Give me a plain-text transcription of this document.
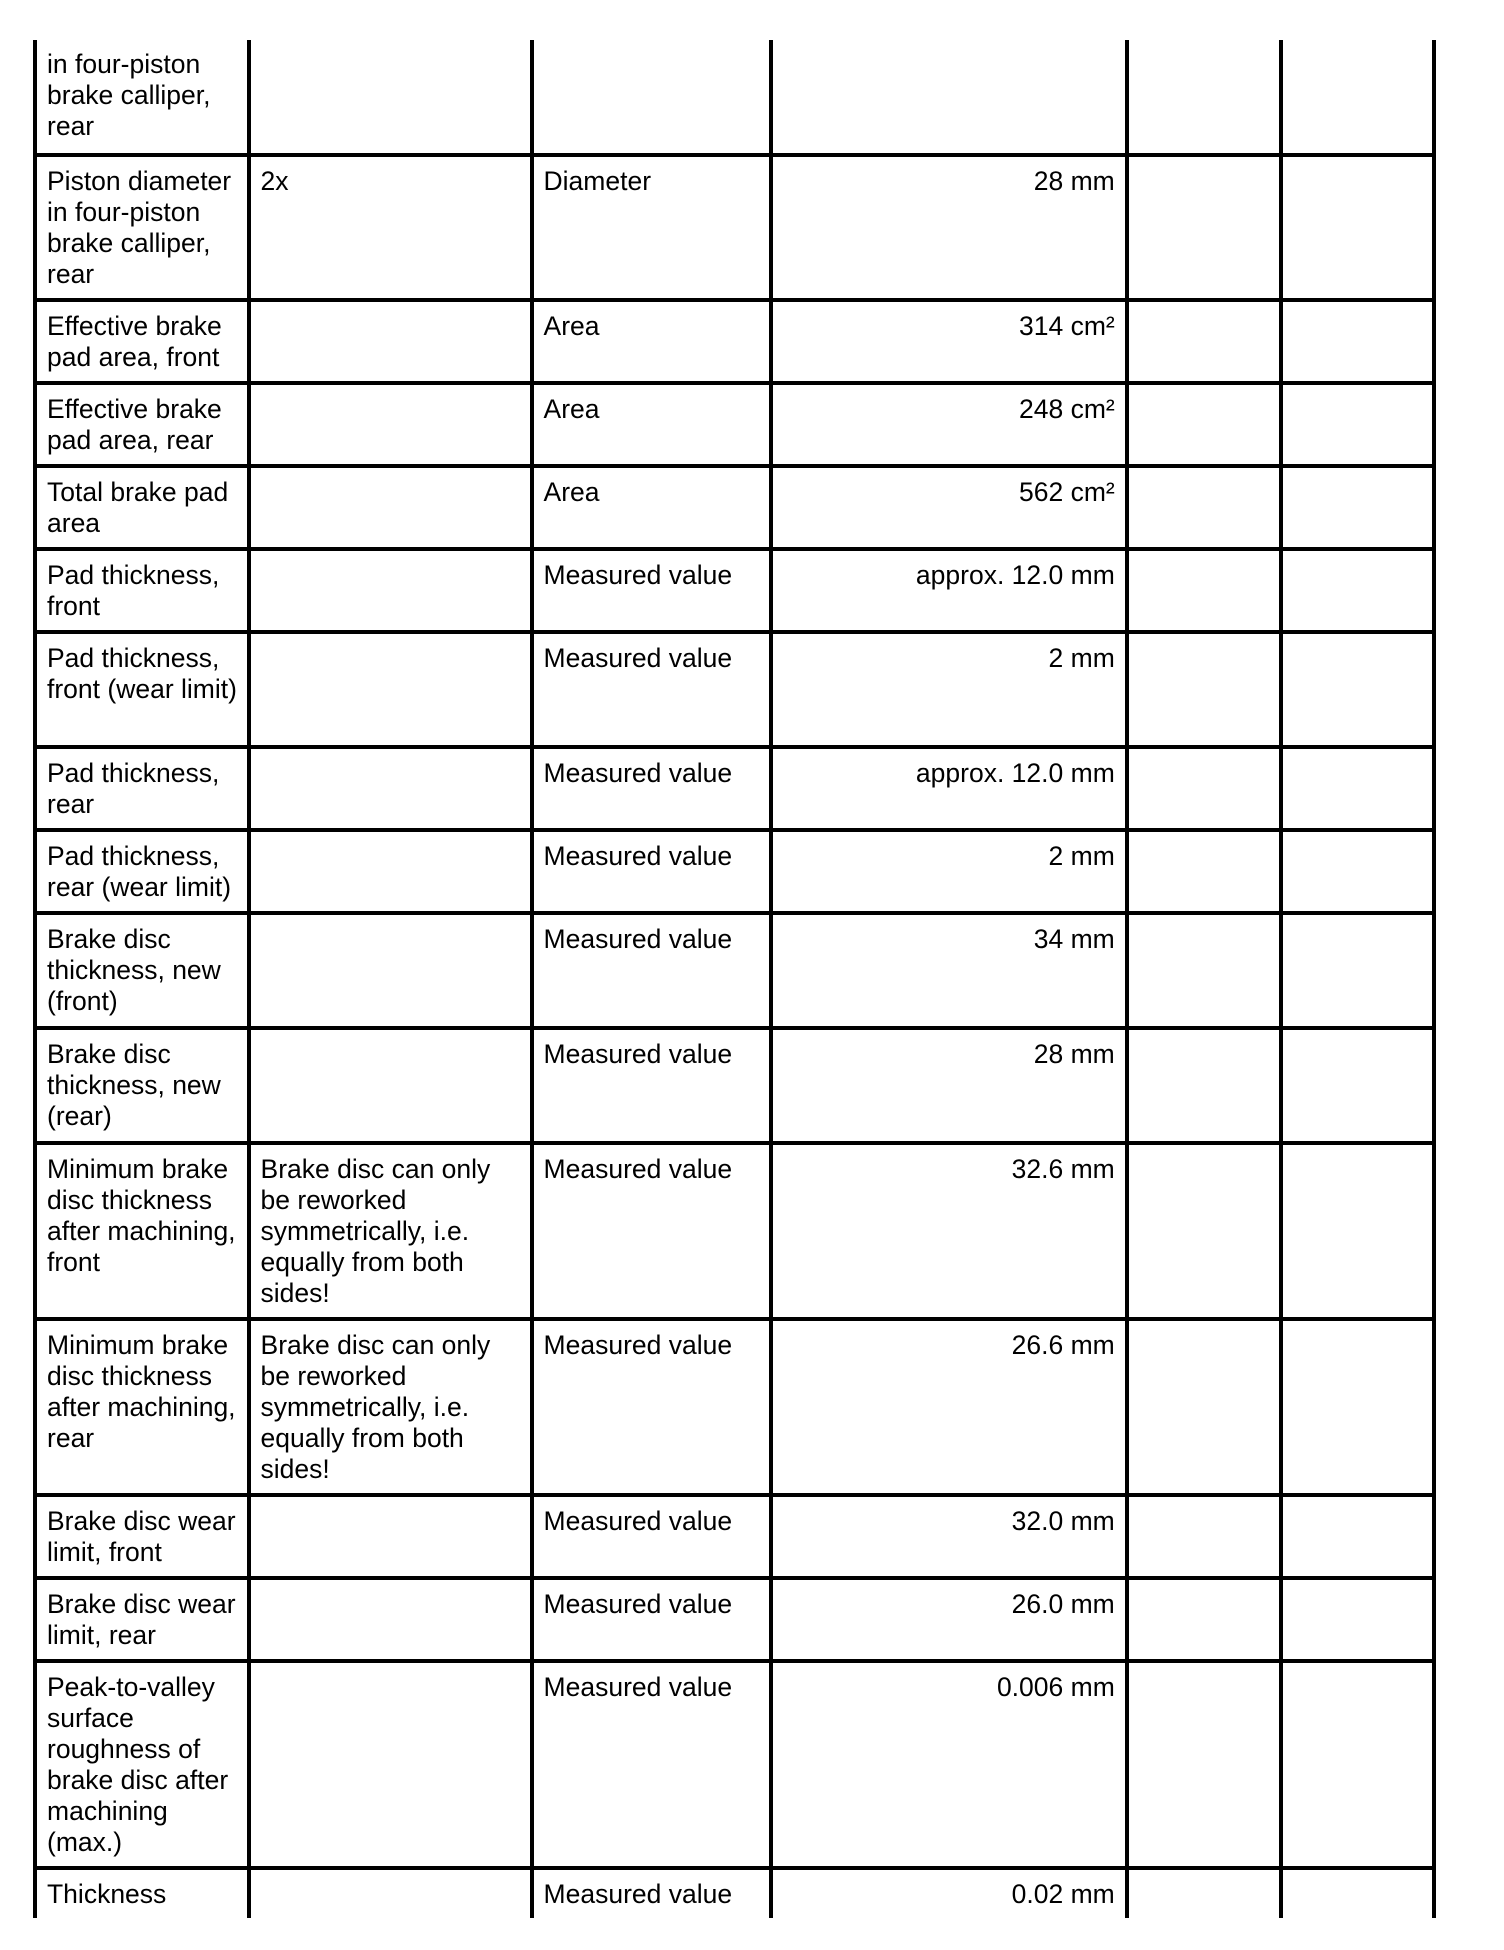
in four-piston brake calliper, rear					
Piston diameter in four-piston brake calliper, rear	2x	Diameter	28 mm		
Effective brake pad area, front		Area	314 cm²		
Effective brake pad area, rear		Area	248 cm²		
Total brake pad area		Area	562 cm²		
Pad thickness, front		Measured value	approx. 12.0 mm		
Pad thickness, front (wear limit)		Measured value	2 mm		
Pad thickness, rear		Measured value	approx. 12.0 mm		
Pad thickness, rear (wear limit)		Measured value	2 mm		
Brake disc thickness, new (front)		Measured value	34 mm		
Brake disc thickness, new (rear)		Measured value	28 mm		
Minimum brake disc thickness after machining, front	Brake disc can only be reworked symmetrically, i.e. equally from both sides!	Measured value	32.6 mm		
Minimum brake disc thickness after machining, rear	Brake disc can only be reworked symmetrically, i.e. equally from both sides!	Measured value	26.6 mm		
Brake disc wear limit, front		Measured value	32.0 mm		
Brake disc wear limit, rear		Measured value	26.0 mm		
Peak-to-valley surface roughness of brake disc after machining (max.)		Measured value	0.006 mm		
Thickness		Measured value	0.02 mm		
